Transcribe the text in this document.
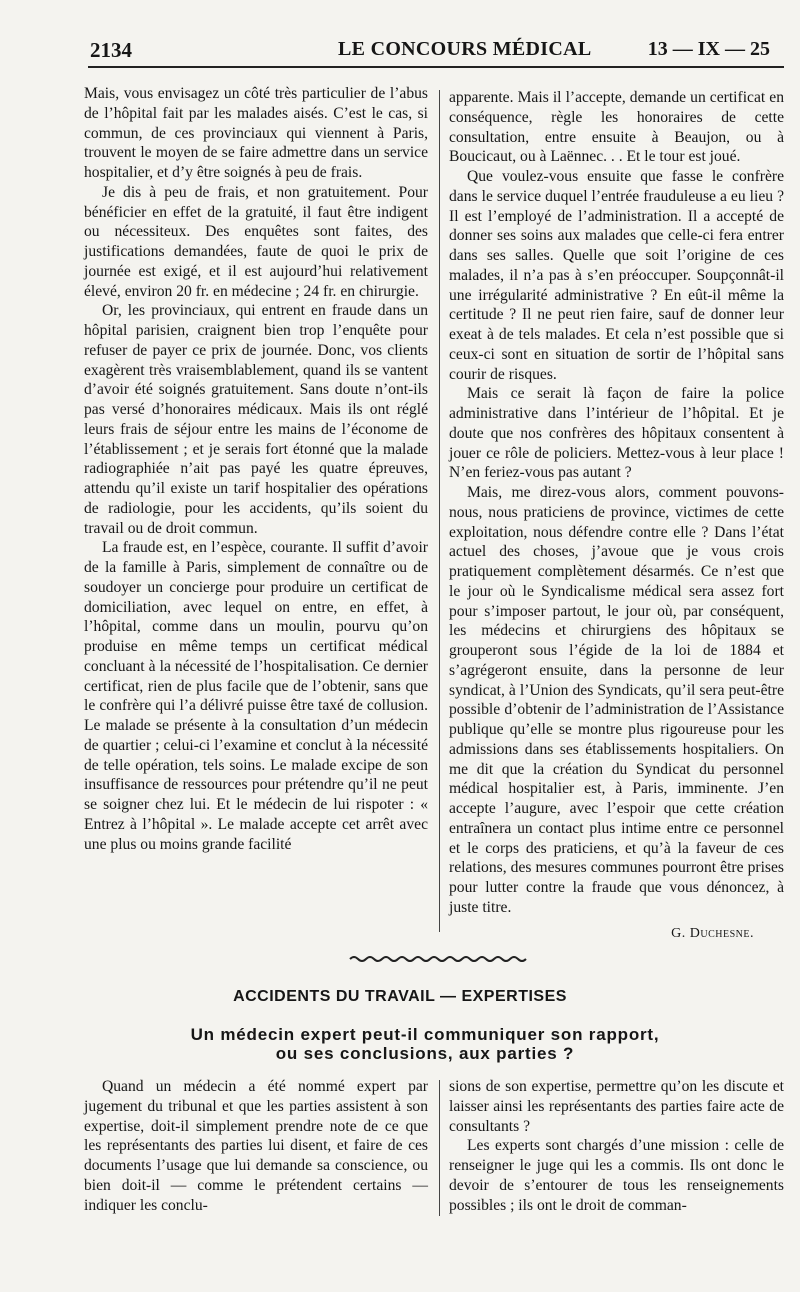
2134	LE CONCOURS MÉDICAL	13 — IX — 25

Mais, vous envisagez un côté très particulier de l’abus de l’hôpital fait par les malades aisés. C’est le cas, si commun, de ces provinciaux qui viennent à Paris, trouvent le moyen de se faire admettre dans un service hospitalier, et d’y être soignés à peu de frais.

Je dis à peu de frais, et non gratuitement. Pour bénéficier en effet de la gratuité, il faut être indigent ou nécessiteux. Des enquêtes sont faites, des justifications demandées, faute de quoi le prix de journée est exigé, et il est aujourd’hui relativement élevé, environ 20 fr. en médecine ; 24 fr. en chirurgie.

Or, les provinciaux, qui entrent en fraude dans un hôpital parisien, craignent bien trop l’enquête pour refuser de payer ce prix de journée. Donc, vos clients exagèrent très vraisemblablement, quand ils se vantent d’avoir été soignés gratuitement. Sans doute n’ont-ils pas versé d’honoraires médicaux. Mais ils ont réglé leurs frais de séjour entre les mains de l’économe de l’établissement ; et je serais fort étonné que la malade radiographiée n’ait pas payé les quatre épreuves, attendu qu’il existe un tarif hospitalier des opérations de radiologie, pour les accidents, qu’ils soient du travail ou de droit commun.

La fraude est, en l’espèce, courante. Il suffit d’avoir de la famille à Paris, simplement de connaître ou de soudoyer un concierge pour produire un certificat de domiciliation, avec lequel on entre, en effet, à l’hôpital, comme dans un moulin, pourvu qu’on produise en même temps un certificat médical concluant à la nécessité de l’hospitalisation. Ce dernier certificat, rien de plus facile que de l’obtenir, sans que le confrère qui l’a délivré puisse être taxé de collusion. Le malade se présente à la consultation d’un médecin de quartier ; celui-ci l’examine et conclut à la nécessité de telle opération, tels soins. Le malade excipe de son insuffisance de ressources pour prétendre qu’il ne peut se soigner chez lui. Et le médecin de lui rispoter : « Entrez à l’hôpital ». Le malade accepte cet arrêt avec une plus ou moins grande facilité

apparente. Mais il l’accepte, demande un certificat en conséquence, règle les honoraires de cette consultation, entre ensuite à Beaujon, ou à Boucicaut, ou à Laënnec. . . Et le tour est joué.

Que voulez-vous ensuite que fasse le confrère dans le service duquel l’entrée frauduleuse a eu lieu ? Il est l’employé de l’administration. Il a accepté de donner ses soins aux malades que celle-ci fera entrer dans ses salles. Quelle que soit l’origine de ces malades, il n’a pas à s’en préoccuper. Soupçonnât-il une irrégularité administrative ? En eût-il même la certitude ? Il ne peut rien faire, sauf de donner leur exeat à de tels malades. Et cela n’est possible que si ceux-ci sont en situation de sortir de l’hôpital sans courir de risques.

Mais ce serait là façon de faire la police administrative dans l’intérieur de l’hôpital. Et je doute que nos confrères des hôpitaux consentent à jouer ce rôle de policiers. Mettez-vous à leur place ! N’en feriez-vous pas autant ?

Mais, me direz-vous alors, comment pouvons-nous, nous praticiens de province, victimes de cette exploitation, nous défendre contre elle ? Dans l’état actuel des choses, j’avoue que je vous crois pratiquement complètement désarmés. Ce n’est que le jour où le Syndicalisme médical sera assez fort pour s’imposer partout, le jour où, par conséquent, les médecins et chirurgiens des hôpitaux se grouperont sous l’égide de la loi de 1884 et s’agrégeront ensuite, dans la personne de leur syndicat, à l’Union des Syndicats, qu’il sera peut-être possible d’obtenir de l’administration de l’Assistance publique qu’elle se montre plus rigoureuse pour les admissions dans ses établissements hospitaliers. On me dit que la création du Syndicat du personnel médical hospitalier est, à Paris, imminente. J’en accepte l’augure, avec l’espoir que cette création entraînera un contact plus intime entre ce personnel et le corps des praticiens, et qu’à la faveur de ces relations, des mesures communes pourront être prises pour lutter contre la fraude que vous dénoncez, à juste titre.

G. Duchesne.
ACCIDENTS DU TRAVAIL — EXPERTISES
Un médecin expert peut-il communiquer son rapport,
ou ses conclusions, aux parties ?

Quand un médecin a été nommé expert par jugement du tribunal et que les parties assistent à son expertise, doit-il simplement prendre note de ce que les représentants des parties lui disent, et faire de ces documents l’usage que lui demande sa conscience, ou bien doit-il — comme le prétendent certains — indiquer les conclu-

sions de son expertise, permettre qu’on les discute et laisser ainsi les représentants des parties faire acte de consultants ?

Les experts sont chargés d’une mission : celle de renseigner le juge qui les a commis. Ils ont donc le devoir de s’entourer de tous les renseignements possibles ; ils ont le droit de comman-
